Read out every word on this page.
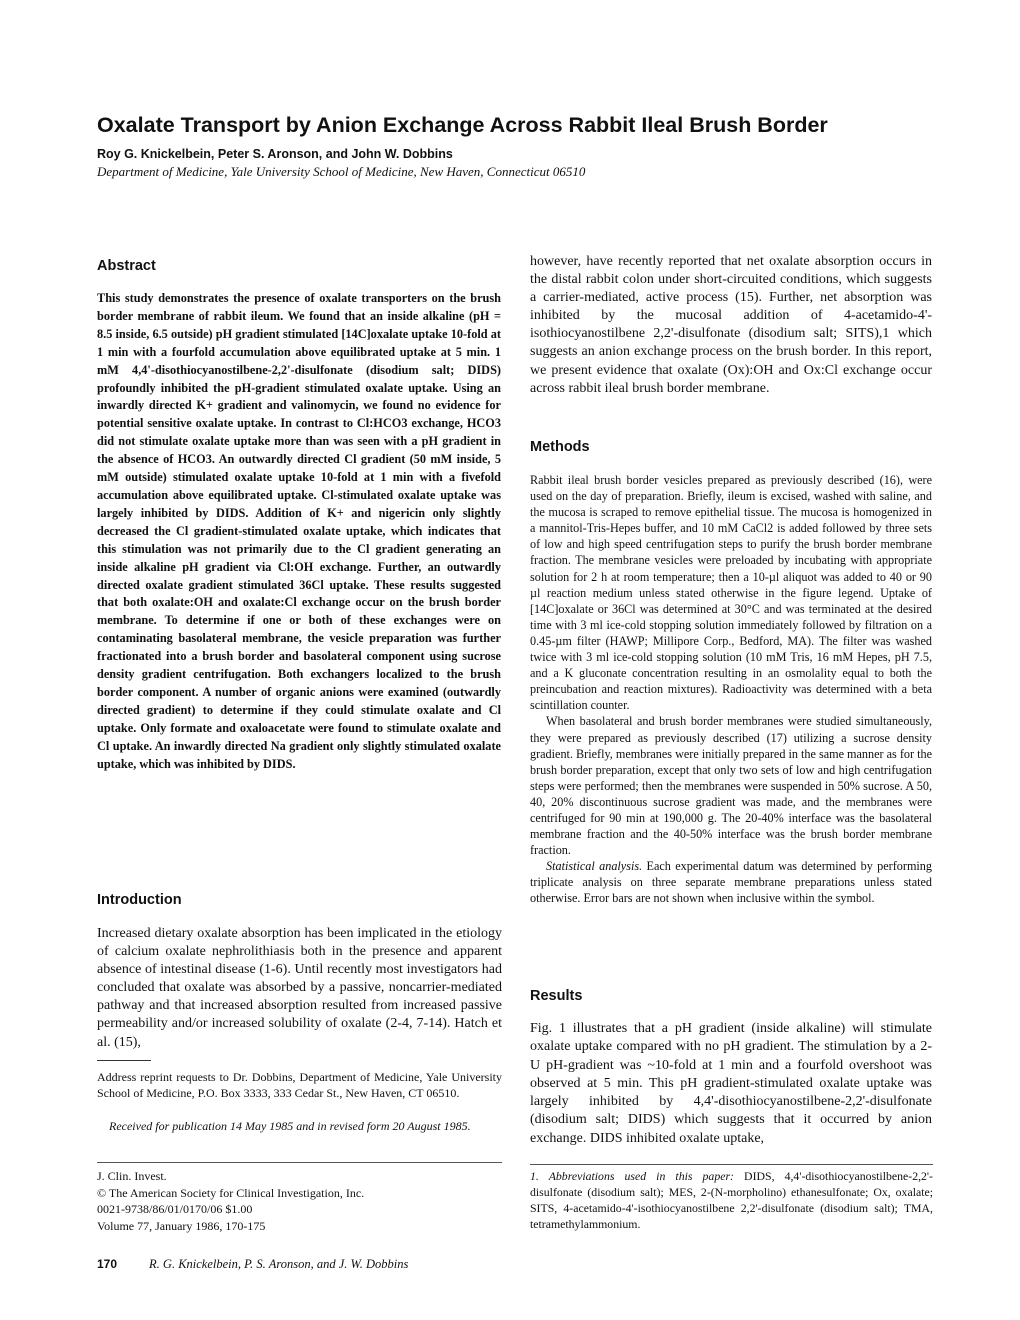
Oxalate Transport by Anion Exchange Across Rabbit Ileal Brush Border
Roy G. Knickelbein, Peter S. Aronson, and John W. Dobbins
Department of Medicine, Yale University School of Medicine, New Haven, Connecticut 06510
Abstract

This study demonstrates the presence of oxalate transporters on the brush border membrane of rabbit ileum. We found that an inside alkaline (pH = 8.5 inside, 6.5 outside) pH gradient stimulated [14C]oxalate uptake 10-fold at 1 min with a fourfold accumulation above equilibrated uptake at 5 min. 1 mM 4,4'-disothiocyanostilbene-2,2'-disulfonate (disodium salt; DIDS) profoundly inhibited the pH-gradient stimulated oxalate uptake. Using an inwardly directed K+ gradient and valinomycin, we found no evidence for potential sensitive oxalate uptake. In contrast to Cl:HCO3 exchange, HCO3 did not stimulate oxalate uptake more than was seen with a pH gradient in the absence of HCO3. An outwardly directed Cl gradient (50 mM inside, 5 mM outside) stimulated oxalate uptake 10-fold at 1 min with a fivefold accumulation above equilibrated uptake. Cl-stimulated oxalate uptake was largely inhibited by DIDS. Addition of K+ and nigericin only slightly decreased the Cl gradient-stimulated oxalate uptake, which indicates that this stimulation was not primarily due to the Cl gradient generating an inside alkaline pH gradient via Cl:OH exchange. Further, an outwardly directed oxalate gradient stimulated 36Cl uptake. These results suggested that both oxalate:OH and oxalate:Cl exchange occur on the brush border membrane. To determine if one or both of these exchanges were on contaminating basolateral membrane, the vesicle preparation was further fractionated into a brush border and basolateral component using sucrose density gradient centrifugation. Both exchangers localized to the brush border component. A number of organic anions were examined (outwardly directed gradient) to determine if they could stimulate oxalate and Cl uptake. Only formate and oxaloacetate were found to stimulate oxalate and Cl uptake. An inwardly directed Na gradient only slightly stimulated oxalate uptake, which was inhibited by DIDS.

Introduction

Increased dietary oxalate absorption has been implicated in the etiology of calcium oxalate nephrolithiasis both in the presence and apparent absence of intestinal disease (1-6). Until recently most investigators had concluded that oxalate was absorbed by a passive, noncarrier-mediated pathway and that increased absorption resulted from increased passive permeability and/or increased solubility of oxalate (2-4, 7-14). Hatch et al. (15),

Address reprint requests to Dr. Dobbins, Department of Medicine, Yale University School of Medicine, P.O. Box 3333, 333 Cedar St., New Haven, CT 06510.

Received for publication 14 May 1985 and in revised form 20 August 1985.

J. Clin. Invest.
© The American Society for Clinical Investigation, Inc.
0021-9738/86/01/0170/06 $1.00
Volume 77, January 1986, 170-175
170	R. G. Knickelbein, P. S. Aronson, and J. W. Dobbins

however, have recently reported that net oxalate absorption occurs in the distal rabbit colon under short-circuited conditions, which suggests a carrier-mediated, active process (15). Further, net absorption was inhibited by the mucosal addition of 4-acetamido-4'-isothiocyanostilbene 2,2'-disulfonate (disodium salt; SITS),1 which suggests an anion exchange process on the brush border. In this report, we present evidence that oxalate (Ox):OH and Ox:Cl exchange occur across rabbit ileal brush border membrane.

Methods

Rabbit ileal brush border vesicles prepared as previously described (16), were used on the day of preparation. Briefly, ileum is excised, washed with saline, and the mucosa is scraped to remove epithelial tissue. The mucosa is homogenized in a mannitol-Tris-Hepes buffer, and 10 mM CaCl2 is added followed by three sets of low and high speed centrifugation steps to purify the brush border membrane fraction. The membrane vesicles were preloaded by incubating with appropriate solution for 2 h at room temperature; then a 10-µl aliquot was added to 40 or 90 µl reaction medium unless stated otherwise in the figure legend. Uptake of [14C]oxalate or 36Cl was determined at 30°C and was terminated at the desired time with 3 ml ice-cold stopping solution immediately followed by filtration on a 0.45-µm filter (HAWP; Millipore Corp., Bedford, MA). The filter was washed twice with 3 ml ice-cold stopping solution (10 mM Tris, 16 mM Hepes, pH 7.5, and a K gluconate concentration resulting in an osmolality equal to both the preincubation and reaction mixtures). Radioactivity was determined with a beta scintillation counter.

When basolateral and brush border membranes were studied simultaneously, they were prepared as previously described (17) utilizing a sucrose density gradient. Briefly, membranes were initially prepared in the same manner as for the brush border preparation, except that only two sets of low and high centrifugation steps were performed; then the membranes were suspended in 50% sucrose. A 50, 40, 20% discontinuous sucrose gradient was made, and the membranes were centrifuged for 90 min at 190,000 g. The 20-40% interface was the basolateral membrane fraction and the 40-50% interface was the brush border membrane fraction.

Statistical analysis. Each experimental datum was determined by performing triplicate analysis on three separate membrane preparations unless stated otherwise. Error bars are not shown when inclusive within the symbol.

Results

Fig. 1 illustrates that a pH gradient (inside alkaline) will stimulate oxalate uptake compared with no pH gradient. The stimulation by a 2-U pH-gradient was ~10-fold at 1 min and a fourfold overshoot was observed at 5 min. This pH gradient-stimulated oxalate uptake was largely inhibited by 4,4'-disothiocyanostilbene-2,2'-disulfonate (disodium salt; DIDS) which suggests that it occurred by anion exchange. DIDS inhibited oxalate uptake,

1. Abbreviations used in this paper: DIDS, 4,4'-disothiocyanostilbene-2,2'-disulfonate (disodium salt); MES, 2-(N-morpholino) ethanesulfonate; Ox, oxalate; SITS, 4-acetamido-4'-isothiocyanostilbene 2,2'-disulfonate (disodium salt); TMA, tetramethylammonium.
